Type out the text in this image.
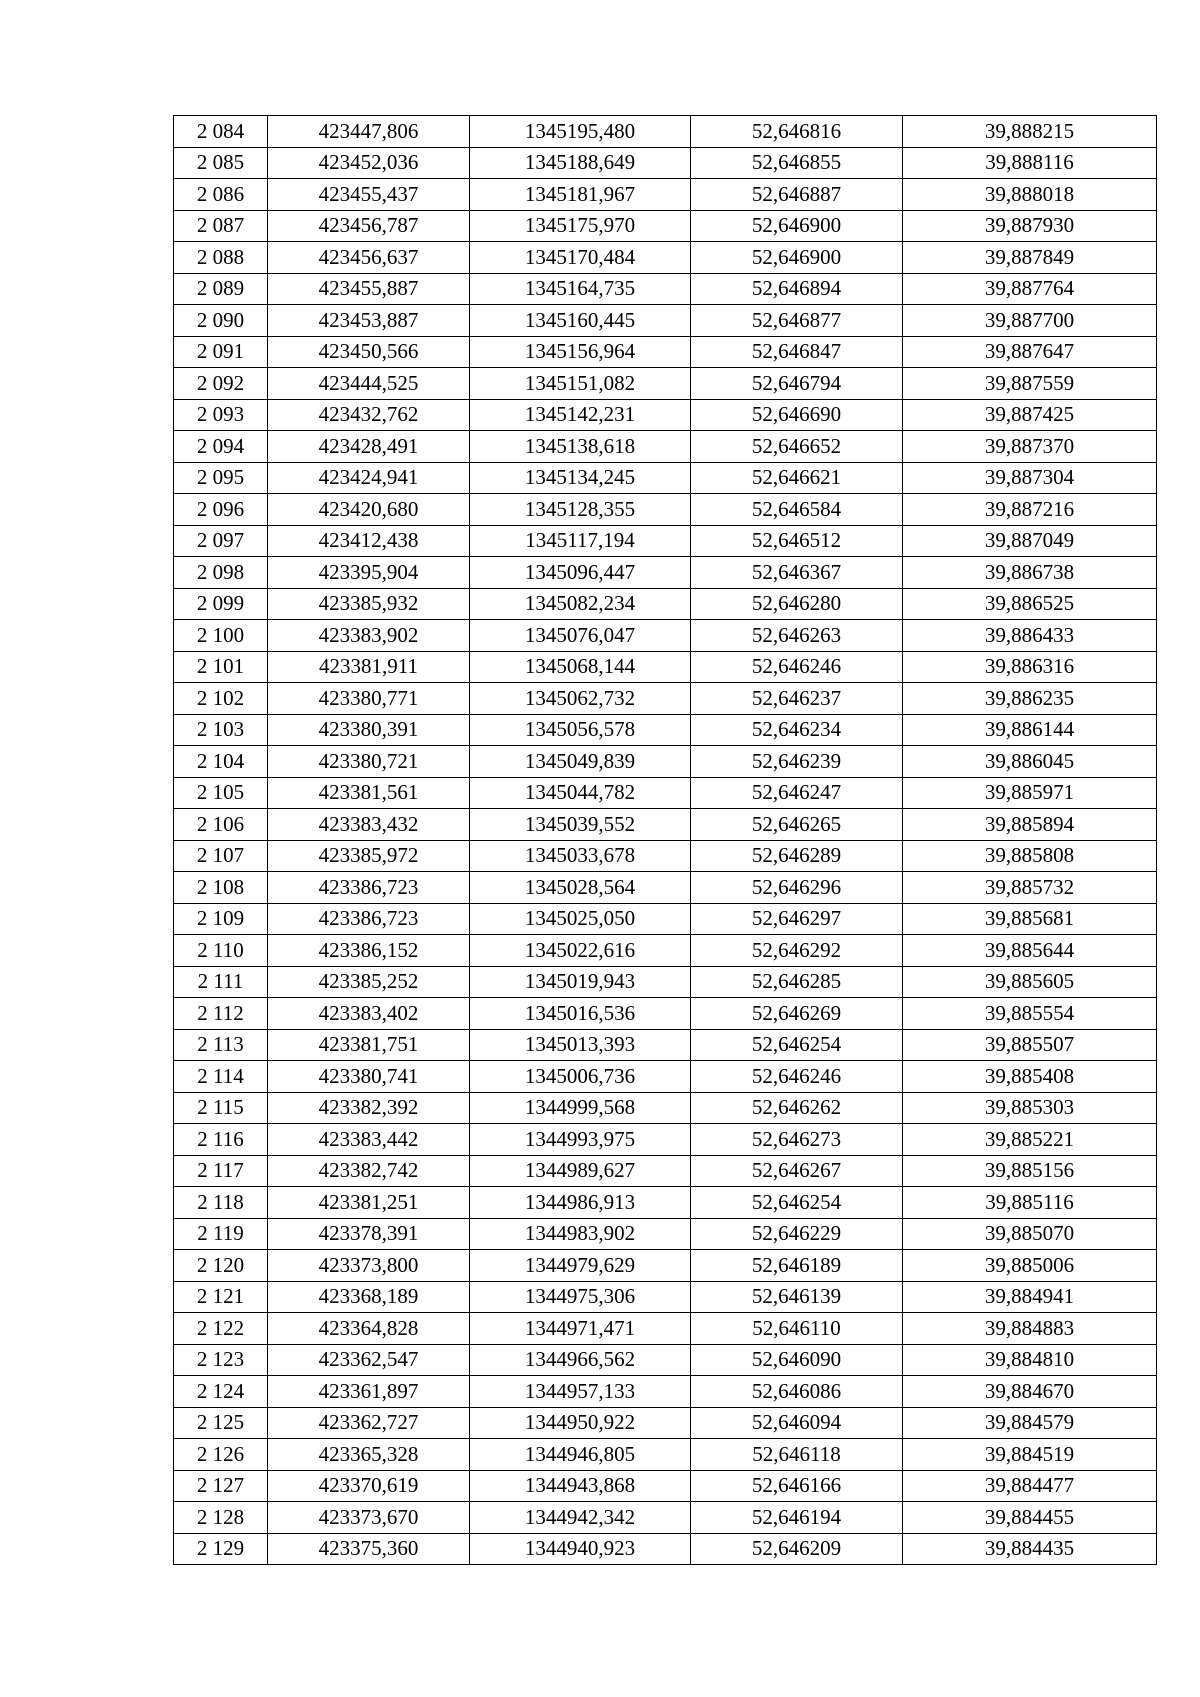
2 084	423447,806	1345195,480	52,646816	39,888215
2 085	423452,036	1345188,649	52,646855	39,888116
2 086	423455,437	1345181,967	52,646887	39,888018
2 087	423456,787	1345175,970	52,646900	39,887930
2 088	423456,637	1345170,484	52,646900	39,887849
2 089	423455,887	1345164,735	52,646894	39,887764
2 090	423453,887	1345160,445	52,646877	39,887700
2 091	423450,566	1345156,964	52,646847	39,887647
2 092	423444,525	1345151,082	52,646794	39,887559
2 093	423432,762	1345142,231	52,646690	39,887425
2 094	423428,491	1345138,618	52,646652	39,887370
2 095	423424,941	1345134,245	52,646621	39,887304
2 096	423420,680	1345128,355	52,646584	39,887216
2 097	423412,438	1345117,194	52,646512	39,887049
2 098	423395,904	1345096,447	52,646367	39,886738
2 099	423385,932	1345082,234	52,646280	39,886525
2 100	423383,902	1345076,047	52,646263	39,886433
2 101	423381,911	1345068,144	52,646246	39,886316
2 102	423380,771	1345062,732	52,646237	39,886235
2 103	423380,391	1345056,578	52,646234	39,886144
2 104	423380,721	1345049,839	52,646239	39,886045
2 105	423381,561	1345044,782	52,646247	39,885971
2 106	423383,432	1345039,552	52,646265	39,885894
2 107	423385,972	1345033,678	52,646289	39,885808
2 108	423386,723	1345028,564	52,646296	39,885732
2 109	423386,723	1345025,050	52,646297	39,885681
2 110	423386,152	1345022,616	52,646292	39,885644
2 111	423385,252	1345019,943	52,646285	39,885605
2 112	423383,402	1345016,536	52,646269	39,885554
2 113	423381,751	1345013,393	52,646254	39,885507
2 114	423380,741	1345006,736	52,646246	39,885408
2 115	423382,392	1344999,568	52,646262	39,885303
2 116	423383,442	1344993,975	52,646273	39,885221
2 117	423382,742	1344989,627	52,646267	39,885156
2 118	423381,251	1344986,913	52,646254	39,885116
2 119	423378,391	1344983,902	52,646229	39,885070
2 120	423373,800	1344979,629	52,646189	39,885006
2 121	423368,189	1344975,306	52,646139	39,884941
2 122	423364,828	1344971,471	52,646110	39,884883
2 123	423362,547	1344966,562	52,646090	39,884810
2 124	423361,897	1344957,133	52,646086	39,884670
2 125	423362,727	1344950,922	52,646094	39,884579
2 126	423365,328	1344946,805	52,646118	39,884519
2 127	423370,619	1344943,868	52,646166	39,884477
2 128	423373,670	1344942,342	52,646194	39,884455
2 129	423375,360	1344940,923	52,646209	39,884435
